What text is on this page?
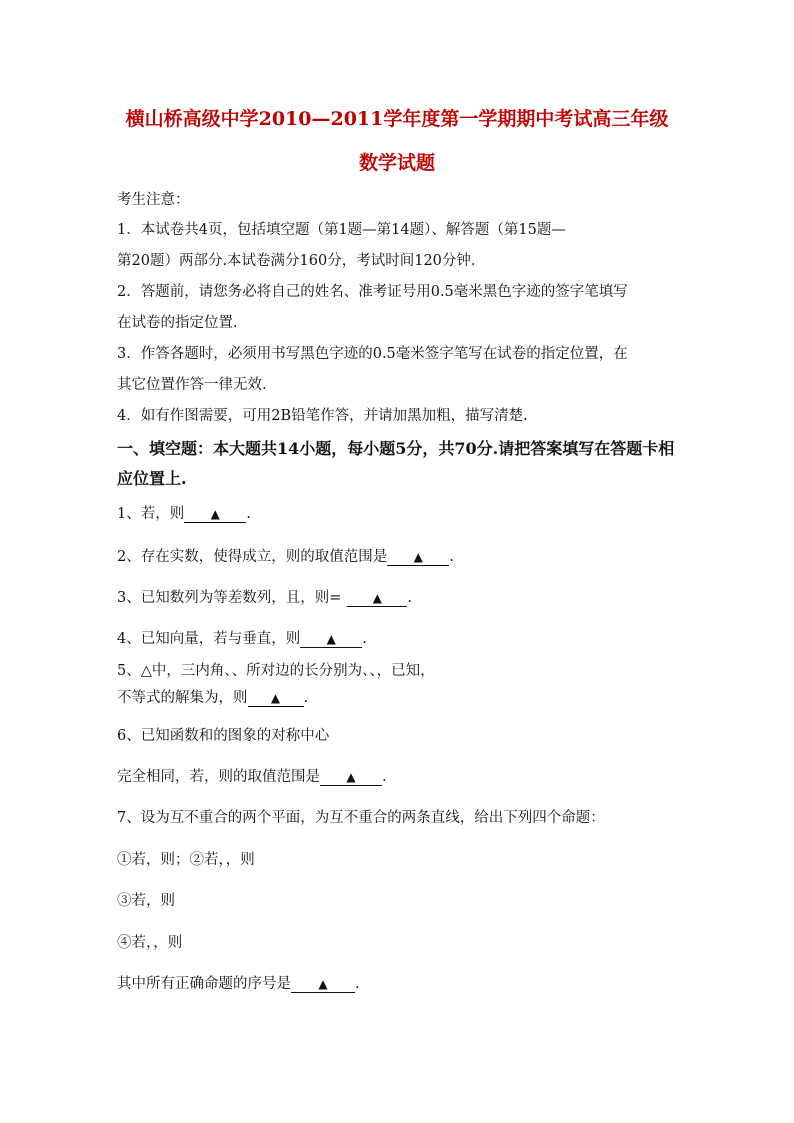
横山桥高级中学2010—2011学年度第一学期期中考试高三年级
数学试题
考生注意：
1．本试卷共4页，包括填空题（第1题—第14题）、解答题（第15题—
第20题）两部分.本试卷满分160分，考试时间120分钟.
2．答题前，请您务必将自己的姓名、准考证号用0.5毫米黑色字迹的签字笔填写
在试卷的指定位置.
3．作答各题时，必须用书写黑色字迹的0.5毫米签字笔写在试卷的指定位置，在
其它位置作答一律无效.
4．如有作图需要，可用2B铅笔作答，并请加黑加粗，描写清楚.
一、填空题：本大题共14小题，每小题5分，共70分.请把答案填写在答题卡相
应位置上.
1、若，则 ▲ .
2、存在实数，使得成立，则的取值范围是 ▲ .
3、已知数列为等差数列，且，则=	▲ .
4、已知向量，若与垂直，则 ▲ .
5、△中，三内角、、所对边的长分别为、、，已知，
不等式的解集为，则 ▲ .
6、已知函数和的图象的对称中心
完全相同，若，则的取值范围是 ▲ .
7、设为互不重合的两个平面，为互不重合的两条直线，给出下列四个命题：
①若，则；②若，，则
③若，则
④若，，则
其中所有正确命题的序号是 ▲ .
